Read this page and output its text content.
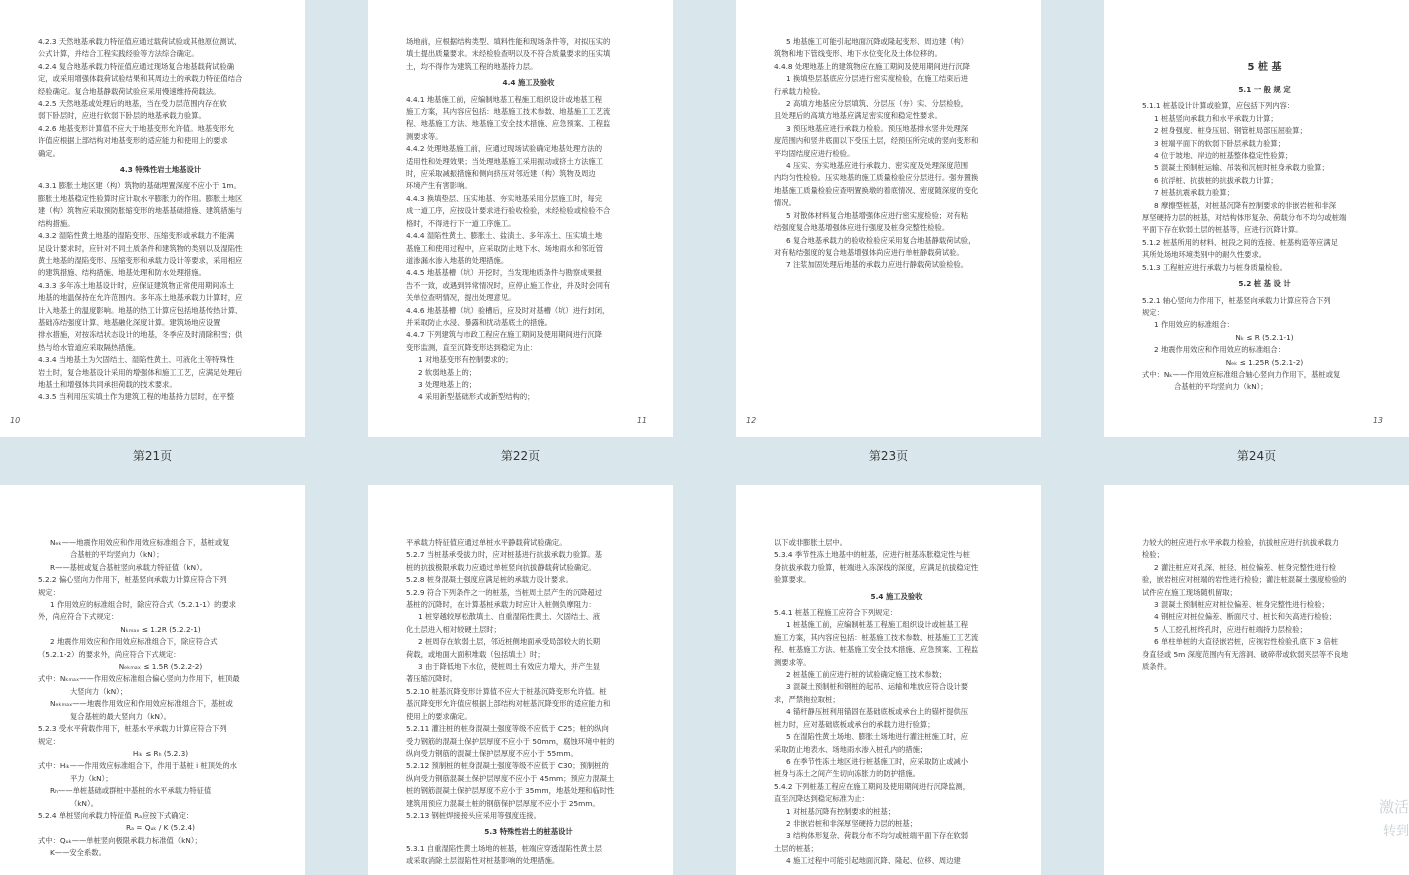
4.2.3 天然地基承载力特征值应通过载荷试验或其他原位测试、
公式计算，并结合工程实践经验等方法综合确定。
4.2.4 复合地基承载力特征值应通过现场复合地基载荷试验确
定，或采用增强体载荷试验结果和其周边土的承载力特征值结合
经验确定。复合地基静载荷试验应采用慢速维持荷载法。
4.2.5 天然地基或处理后的地基，当在受力层范围内存在软
弱下卧层时，应进行软弱下卧层的地基承载力验算。
4.2.6 地基变形计算值不应大于地基变形允许值。地基变形允
许值应根据上部结构对地基变形的适应能力和使用上的要求
确定。
4.3 特殊性岩土地基设计
4.3.1 膨胀土地区建（构）筑物的基础埋置深度不应小于 1m。
膨胀土地基稳定性验算时应计取水平膨胀力的作用。膨胀土地区
建（构）筑物应采取预防胀缩变形的地基基础措施、建筑措施与
结构措施。
4.3.2 湿陷性黄土地基的湿陷变形、压缩变形或承载力不能满
足设计要求时，应针对不同土质条件和建筑物的类别以及湿陷性
黄土地基的湿陷变形、压缩变形和承载力设计等要求，采用相应
的建筑措施、结构措施、地基处理和防水处理措施。
4.3.3 多年冻土地基设计时，应保证建筑物正常使用期间冻土
地基的地温保持在允许范围内。多年冻土地基承载力计算时，应
计入地基土的温度影响。地基的热工计算应包括地基传热计算、
基础冻结强度计算、地基融化深度计算。建筑场地应设置
排水措施，对按冻结状态设计的地基，冬季应及时清除积雪；供
热与给水管道应采取隔热措施。
4.3.4 当地基土为欠固结土、湿陷性黄土、可液化土等特殊性
岩土时，复合地基设计采用的增强体和施工工艺，应满足处理后
地基土和增强体共同承担荷载的技术要求。
4.3.5 当利用压实填土作为建筑工程的地基持力层时，在平整
10
场地前，应根据结构类型、填料性能和现场条件等，对拟压实的
填土提出质量要求。未经检验查明以及不符合质量要求的压实填
土，均不得作为建筑工程的地基持力层。
4.4 施工及验收
4.4.1 地基施工前，应编制地基工程施工组织设计或地基工程
施工方案，其内容应包括：地基施工技术参数、地基施工工艺流
程、地基施工方法、地基施工安全技术措施、应急预案、工程监
测要求等。
4.4.2 处理地基施工前，应通过现场试验确定地基处理方法的
适用性和处理效果；当处理地基施工采用振动或挤土方法施工
时，应采取减振措施和侧向挤压对邻近建（构）筑物及周边
环境产生有害影响。
4.4.3 换填垫层、压实地基、夯实地基采用分层施工时，每完
成一道工序，应按设计要求进行验收检验，未经检验或检验不合
格时，不得进行下一道工序施工。
4.4.4 湿陷性黄土、膨胀土、盐渍土、多年冻土、压实填土地
基施工和使用过程中，应采取防止地下水、场地雨水和邻近管
道渗漏水渗入地基的处理措施。
4.4.5 地基基槽（坑）开挖时，当发现地质条件与勘察成果报
告不一致，或遇到异常情况时，应停止施工作业，并及时会同有
关单位查明情况，提出处理意见。
4.4.6 地基基槽（坑）验槽后，应及时对基槽（坑）进行封闭，
并采取防止水浸、暴露和扰动基底土的措施。
4.4.7 下列建筑与市政工程应在施工期间及使用期间进行沉降
变形监测，直至沉降变形达到稳定为止：
1 对地基变形有控制要求的；
2 软弱地基上的；
3 处理地基上的；
4 采用新型基础形式或新型结构的；
11
5 地基施工可能引起地面沉降或隆起变形、周边建（构）
筑物和地下管线变形、地下水位变化及土体位移的。
4.4.8 处理地基上的建筑物应在施工期间及使用期间进行沉降
1 换填垫层基底应分层进行密实度检验，在施工结束后进
行承载力检验。
2 高填方地基应分层填筑、分层压（夯）实、分层检验，
且处理后的高填方地基应满足密实度和稳定性要求。
3 预压地基应进行承载力检验。预压地基排水竖井处理深
度范围内和竖井底面以下受压土层，经预压所完成的竖向变形和
平均固结度应进行检验。
4 压实、夯实地基应进行承载力、密实度及处理深度范围
内均匀性检验。压实地基的施工质量检验应分层进行。强夯置换
地基施工质量检验应查明置换墩的着底情况、密度随深度的变化
情况。
5 对散体材料复合地基增强体应进行密实度检验；对有粘
结强度复合地基增强体应进行强度及桩身完整性检验。
6 复合地基承载力的验收检验应采用复合地基静载荷试验，
对有粘结强度的复合地基增强体尚应进行单桩静载荷试验。
7 注浆加固处理后地基的承载力应进行静载荷试验检验。
12
5 桩 基
5.1 一 般 规 定
5.1.1 桩基设计计算或验算，应包括下列内容：
1 桩基竖向承载力和水平承载力计算；
2 桩身强度、桩身压屈、钢管桩局部压屈验算；
3 桩端平面下的软弱下卧层承载力验算；
4 位于坡地、岸边的桩基整体稳定性验算；
5 混凝土预制桩运输、吊装和沉桩时桩身承载力验算；
6 抗浮桩、抗拔桩的抗拔承载力计算；
7 桩基抗震承载力验算；
8 摩擦型桩基，对桩基沉降有控制要求的非嵌岩桩和非深
厚坚硬持力层的桩基，对结构体形复杂、荷载分布不均匀或桩端
平面下存在软弱土层的桩基等，应进行沉降计算。
5.1.2 桩基所用的材料、桩段之间的连接、桩基构造等应满足
其所处场地环境类别中的耐久性要求。
5.1.3 工程桩应进行承载力与桩身质量检验。
5.2 桩 基 设 计
5.2.1 轴心竖向力作用下，桩基竖向承载力计算应符合下列
规定：
1 作用效应的标准组合：
Nₖ ≤ R (5.2.1-1)
2 地震作用效应和作用效应的标准组合：
Nₑₖ ≤ 1.25R (5.2.1-2)
式中：Nₖ——作用效应标准组合轴心竖向力作用下，基桩或复
合基桩的平均竖向力（kN）；
13
Nₑₖ——地震作用效应和作用效应标准组合下，基桩或复
合基桩的平均竖向力（kN）；
R——基桩或复合基桩竖向承载力特征值（kN）。
5.2.2 偏心竖向力作用下，桩基竖向承载力计算应符合下列
规定：
1 作用效应的标准组合时，除应符合式（5.2.1-1）的要求
外，尚应符合下式规定：
Nₖₘₐₓ ≤ 1.2R (5.2.2-1)
2 地震作用效应和作用效应标准组合下，除应符合式
（5.2.1-2）的要求外，尚应符合下式规定：
Nₑₖₘₐₓ ≤ 1.5R (5.2.2-2)
式中：Nₖₘₐₓ——作用效应标准组合偏心竖向力作用下，桩顶最
大竖向力（kN）；
Nₑₖₘₐₓ——地震作用效应和作用效应标准组合下，基桩或
复合基桩的最大竖向力（kN）。
5.2.3 受水平荷载作用下，桩基水平承载力计算应符合下列
规定：
Hᵢₖ ≤ Rₕ (5.2.3)
式中：Hᵢₖ——作用效应标准组合下，作用于基桩 i 桩顶处的水
平力（kN）；
Rₕ——单桩基础或群桩中基桩的水平承载力特征值
（kN）。
5.2.4 单桩竖向承载力特征值 Rₐ应按下式确定：
Rₐ = Qᵤₖ / K (5.2.4)
式中：Qᵤₖ——单桩竖向极限承载力标准值（kN）；
K——安全系数。
平承载力特征值应通过单桩水平静载荷试验确定。
5.2.7 当桩基承受拔力时，应对桩基进行抗拔承载力验算。基
桩的抗拔极限承载力应通过单桩竖向抗拔静载荷试验确定。
5.2.8 桩身混凝土强度应满足桩的承载力设计要求。
5.2.9 符合下列条件之一的桩基，当桩周土层产生的沉降超过
基桩的沉降时，在计算基桩承载力时应计入桩侧负摩阻力：
1 桩穿越较厚松散填土、自重湿陷性黄土、欠固结土、液
化土层进入相对较硬土层时；
2 桩周存在软弱土层，邻近桩侧地面承受局部较大的长期
荷载，或地面大面积堆载（包括填土）时；
3 由于降低地下水位，使桩周土有效应力增大，并产生显
著压缩沉降时。
5.2.10 桩基沉降变形计算值不应大于桩基沉降变形允许值。桩
基沉降变形允许值应根据上部结构对桩基沉降变形的适应能力和
使用上的要求确定。
5.2.11 灌注桩的桩身混凝土强度等级不应低于 C25；桩的纵向
受力钢筋的混凝土保护层厚度不应小于 50mm，腐蚀环境中桩的
纵向受力钢筋的混凝土保护层厚度不应小于 55mm。
5.2.12 预制桩的桩身混凝土强度等级不应低于 C30；预制桩的
纵向受力钢筋混凝土保护层厚度不应小于 45mm；预应力混凝土
桩的钢筋混凝土保护层厚度不应小于 35mm，地基处理和临时性
建筑用预应力混凝土桩的钢筋保护层厚度不应小于 25mm。
5.2.13 钢桩焊接接头应采用等强度连接。
5.3 特殊性岩土的桩基设计
5.3.1 自重湿陷性黄土场地的桩基，桩端应穿透湿陷性黄土层
或采取消除土层湿陷性对桩基影响的处理措施。
以下或非膨胀土层中。
5.3.4 季节性冻土地基中的桩基，应进行桩基冻胀稳定性与桩
身抗拔承载力验算，桩端进入冻深线的深度，应满足抗拔稳定性
验算要求。
5.4 施工及验收
5.4.1 桩基工程施工应符合下列规定：
1 桩基施工前，应编制桩基工程施工组织设计或桩基工程
施工方案，其内容应包括：桩基施工技术参数、桩基施工工艺流
程、桩基施工方法、桩基施工安全技术措施、应急预案、工程监
测要求等。
2 桩基施工前应进行桩的试验确定施工技术参数；
3 混凝土预制桩和钢桩的起吊、运输和堆放应符合设计要
求，严禁拖拉取桩；
4 锚杆静压桩利用锚固在基础底板或承台上的锚杆提供压
桩力时，应对基础底板或承台的承载力进行验算；
5 在湿陷性黄土场地、膨胀土场地进行灌注桩施工时，应
采取防止地表水、场地雨水渗入桩孔内的措施；
6 在季节性冻土地区进行桩基施工时，应采取防止或减小
桩身与冻土之间产生切向冻胀力的防护措施。
5.4.2 下列桩基工程应在施工期间及使用期间进行沉降监测，
直至沉降达到稳定标准为止：
1 对桩基沉降有控制要求的桩基；
2 非嵌岩桩和非深厚坚硬持力层的桩基；
3 结构体形复杂、荷载分布不均匀或桩端平面下存在软弱
土层的桩基；
4 施工过程中可能引起地面沉降、隆起、位移、周边建
力较大的桩应进行水平承载力检验，抗拔桩应进行抗拔承载力
检验；
2 灌注桩应对孔深、桩径、桩位偏差、桩身完整性进行检
验，嵌岩桩应对桩端的岩性进行检验；灌注桩混凝土强度检验的
试件应在施工现场随机留取；
3 混凝土预制桩应对桩位偏差、桩身完整性进行检验；
4 钢桩应对桩位偏差、断面尺寸、桩长和矢高进行检验；
5 人工挖孔桩终孔时，应进行桩端持力层检验；
6 单柱单桩的大直径嵌岩桩，应视岩性检验孔底下 3 倍桩
身直径或 5m 深度范围内有无溶洞、破碎带或软弱夹层等不良地
质条件。
第21页	第22页	第23页	第24页
激活
转到
